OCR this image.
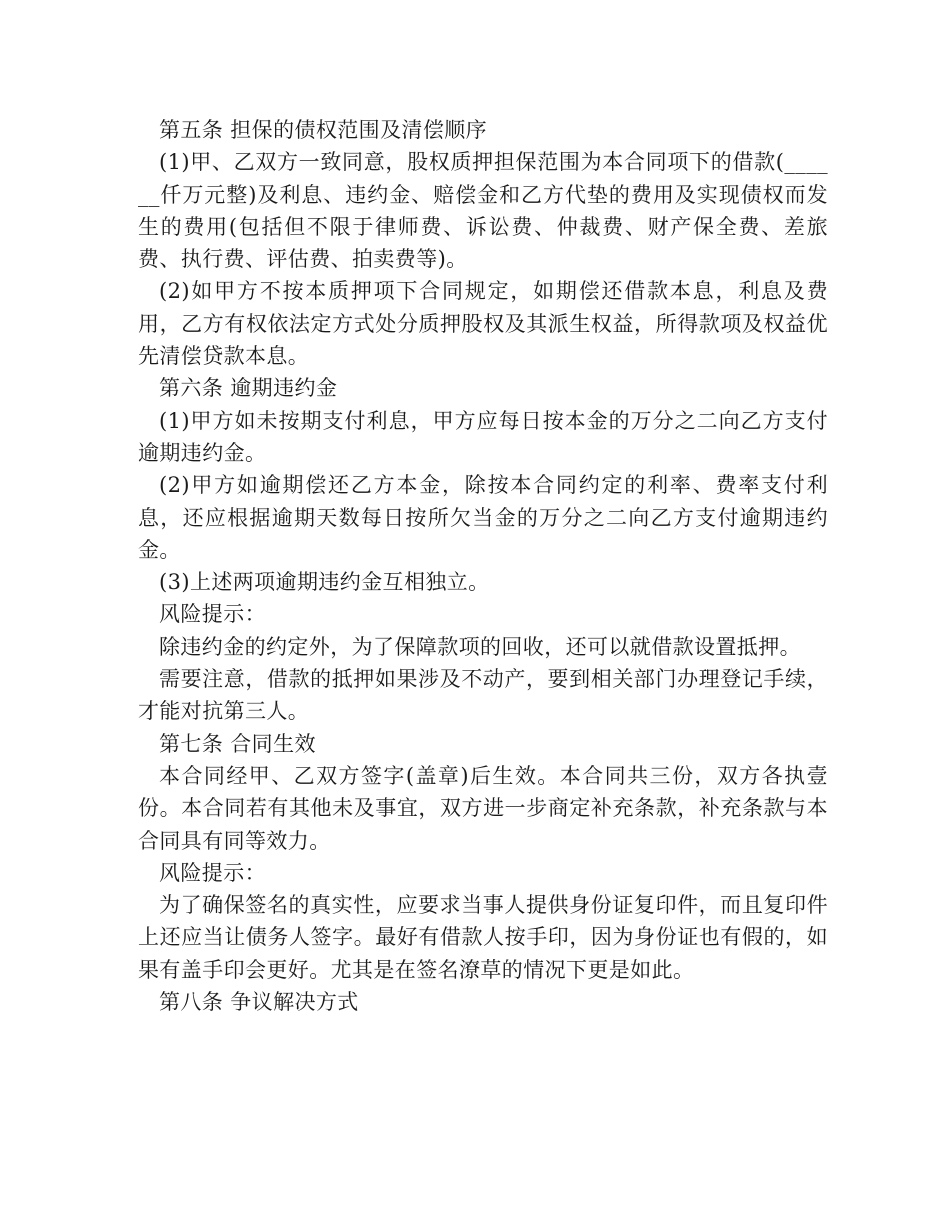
第五条 担保的债权范围及清偿顺序

(1)甲、乙双方一致同意，股权质押担保范围为本合同项下的借款(______仟万元整)及利息、违约金、赔偿金和乙方代垫的费用及实现债权而发生的费用(包括但不限于律师费、诉讼费、仲裁费、财产保全费、差旅费、执行费、评估费、拍卖费等)。

(2)如甲方不按本质押项下合同规定，如期偿还借款本息，利息及费用，乙方有权依法定方式处分质押股权及其派生权益，所得款项及权益优先清偿贷款本息。

第六条 逾期违约金

(1)甲方如未按期支付利息，甲方应每日按本金的万分之二向乙方支付逾期违约金。

(2)甲方如逾期偿还乙方本金，除按本合同约定的利率、费率支付利息，还应根据逾期天数每日按所欠当金的万分之二向乙方支付逾期违约金。

(3)上述两项逾期违约金互相独立。

风险提示：

除违约金的约定外，为了保障款项的回收，还可以就借款设置抵押。

需要注意，借款的抵押如果涉及不动产，要到相关部门办理登记手续，才能对抗第三人。

第七条 合同生效

本合同经甲、乙双方签字(盖章)后生效。本合同共三份，双方各执壹份。本合同若有其他未及事宜，双方进一步商定补充条款，补充条款与本合同具有同等效力。

风险提示：

为了确保签名的真实性，应要求当事人提供身份证复印件，而且复印件上还应当让债务人签字。最好有借款人按手印，因为身份证也有假的，如果有盖手印会更好。尤其是在签名潦草的情况下更是如此。

第八条 争议解决方式
